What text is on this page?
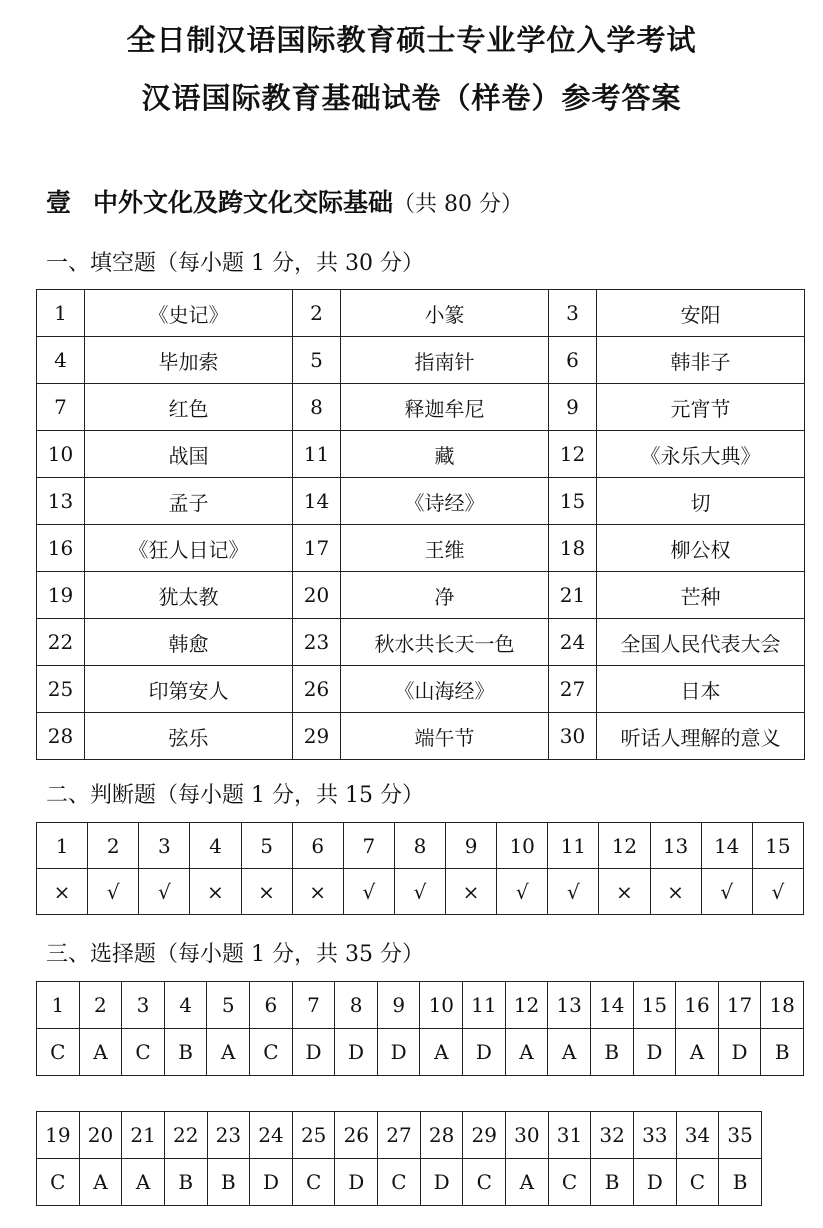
全日制汉语国际教育硕士专业学位入学考试
汉语国际教育基础试卷（样卷）参考答案
壹 中外文化及跨文化交际基础（共 80 分）
一、填空题（每小题 1 分，共 30 分）
1	《史记》	2	小篆	3	安阳
4	毕加索	5	指南针	6	韩非子
7	红色	8	释迦牟尼	9	元宵节
10	战国	11	藏	12	《永乐大典》
13	孟子	14	《诗经》	15	切
16	《狂人日记》	17	王维	18	柳公权
19	犹太教	20	净	21	芒种
22	韩愈	23	秋水共长天一色	24	全国人民代表大会
25	印第安人	26	《山海经》	27	日本
28	弦乐	29	端午节	30	听话人理解的意义
二、判断题（每小题 1 分，共 15 分）
1	2	3	4	5	6	7	8	9	10	11	12	13	14	15
×	√	√	×	×	×	√	√	×	√	√	×	×	√	√
三、选择题（每小题 1 分，共 35 分）
1	2	3	4	5	6	7	8	9	10	11	12	13	14	15	16	17	18
C	A	C	B	A	C	D	D	D	A	D	A	A	B	D	A	D	B
19	20	21	22	23	24	25	26	27	28	29	30	31	32	33	34	35
C	A	A	B	B	D	C	D	C	D	C	A	C	B	D	C	B
